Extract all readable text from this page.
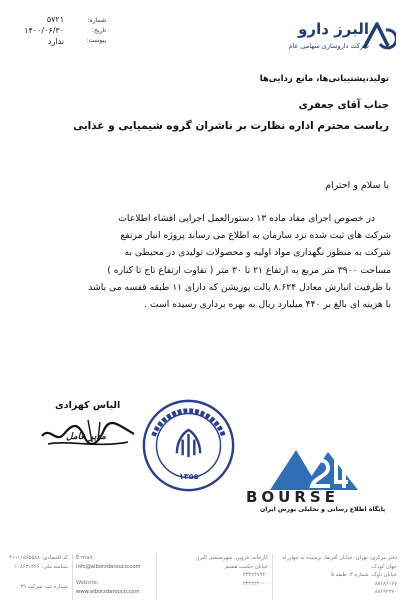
البرز دارو
شرکت داروسازی سهامی عام
شماره:
تاریخ:
پیوست:
۵۷۲۱
۱۴۰۰/۰۶/۳۰
ندارد
تولید،پشتیبانی‌ها، مانع زدایی‌ها
جناب آقای جعفری
ریاست محترم اداره نظارت بر ناشران گروه شیمیایی و غذایی
با سلام و احترام

در خصوص اجرای مفاد ماده ۱۳ دستورالعمل اجرایی افشاء اطلاعات

شرکت های ثبت شده نزد سازمان به اطلاع می رساند پروژه انبار مرتفع

شرکت به منظور نگهداری مواد اولیه و محصولات تولیدی در محیطی به

مساحت ۳۹۰۰ متر مربع به ارتفاع ۲۱ تا ۳۰ متر ( تفاوت ارتفاع تاج تا کناره )

با ظرفیت انبارش معادل ۸.۶۲۴ پالت پوزیشن که دارای ۱۱ طبقه قفسه می باشد

با هزینه ای بالغ بر ۴۴۰ میلیارد ریال به بهره برداری رسیده است .

الیاس کهزادی
مدیر عامل
۱۳۵۵
BOURSE
پایگاه اطلاع رسانی و تحلیلی بورس ایران
دفتر مرکزی: تهران، خیابان آفریقا، نرسیده به چهارراه جهان کودک،
خیابان ناوک، شماره ۳، طبقه ۵
۸۸۱۸۶۱۷۷
۸۸۱۹۲۲۷۰
کارخانه: قزوین، شهرصنعتی البرز،
خیابان حکمت هشتم
۳۳۲۲۶۷۹۴۰
۳۳۲۲۲۲۰۰۰
E-mail:
info@alborzdarouco.com
Website:
www.alborzdarouco.com
کد اقتصادی: ۴۱۱۱۱۵۶۵۵۸۸
شناسه ملی: ۱۰۸۶۳۱۳۶۶
شماره ثبت شرکت ۳۹
